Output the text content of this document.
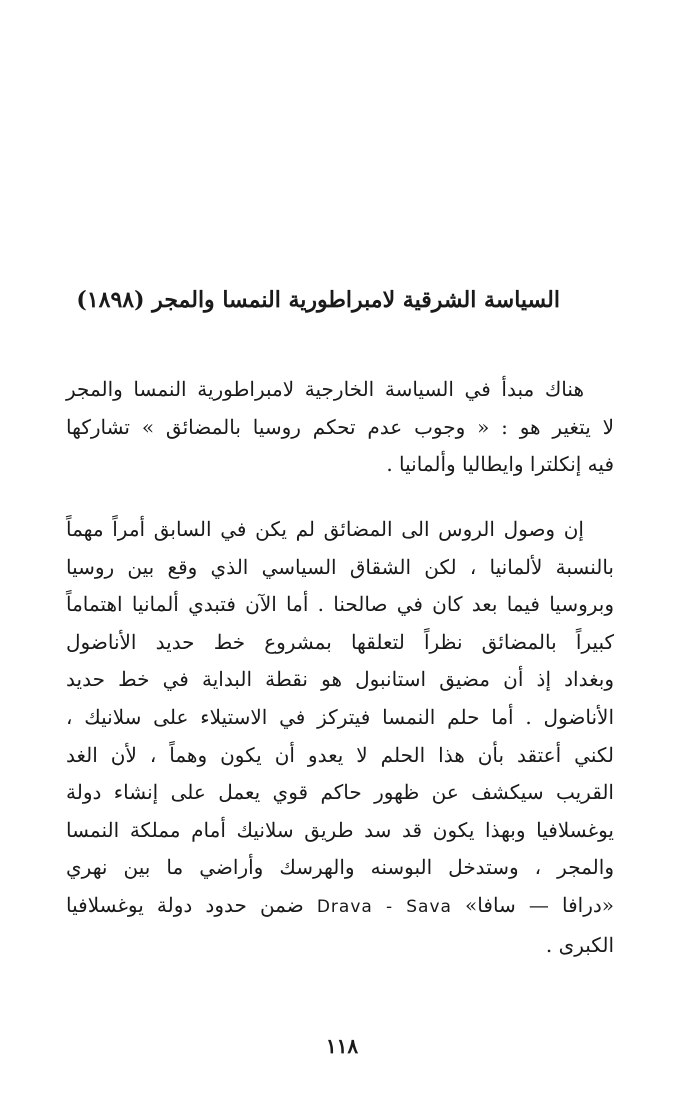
السياسة الشرقية لامبراطورية النمسا والمجر (١٨٩٨)
هناك مبدأ في السياسة الخارجية لامبراطورية النمسا والمجر
لا يتغير هو : « وجوب عدم تحكم روسيا بالمضائق » تشاركها
فيه إنكلترا وايطاليا وألمانيا .
إن وصول الروس الى المضائق لم يكن في السابق أمراً مهماً
بالنسبة لألمانيا ، لكن الشقاق السياسي الذي وقع بين روسيا
وبروسيا فيما بعد كان في صالحنا . أما الآن فتبدي ألمانيا اهتماماً
كبيراً بالمضائق نظراً لتعلقها بمشروع خط حديد الأناضول
وبغداد إذ أن مضيق استانبول هو نقطة البداية في خط حديد
الأناضول . أما حلم النمسا فيتركز في الاستيلاء على سلانيك ،
لكني أعتقد بأن هذا الحلم لا يعدو أن يكون وهماً ، لأن الغد
القريب سيكشف عن ظهور حاكم قوي يعمل على إنشاء دولة
يوغسلافيا وبهذا يكون قد سد طريق سلانيك أمام مملكة النمسا
والمجر ، وستدخل البوسنه والهرسك وأراضي ما بين نهري
«درافا — سافا» Drava - Sava ضمن حدود دولة يوغسلافيا
الكبرى .
١١٨
